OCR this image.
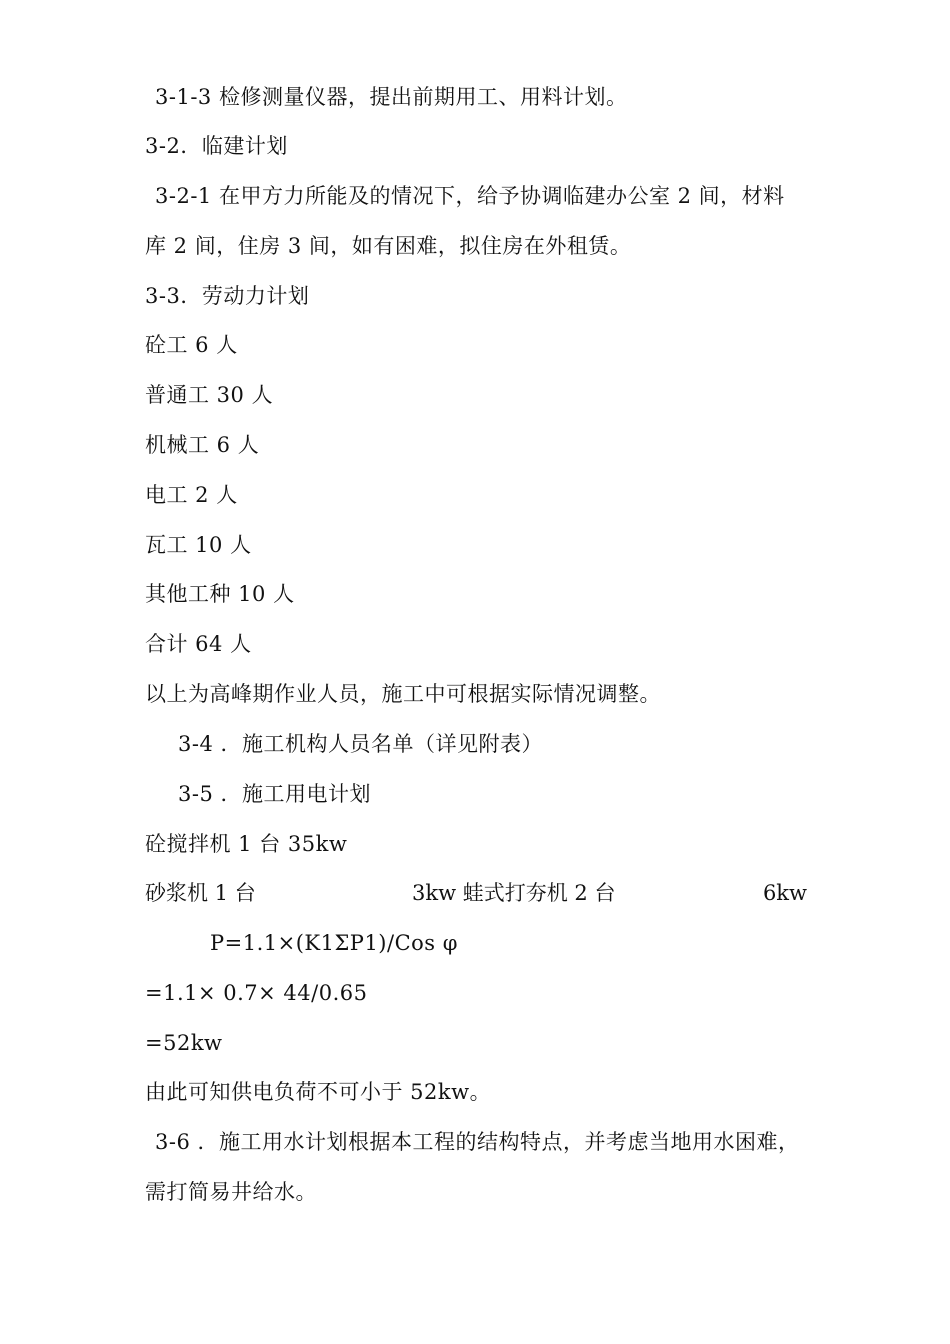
3-1-3 检修测量仪器，提出前期用工、用料计划。
3-2．临建计划
3-2-1 在甲方力所能及的情况下，给予协调临建办公室 2 间，材料
库 2 间，住房 3 间，如有困难，拟住房在外租赁。
3-3．劳动力计划
砼工 6 人
普通工 30 人
机械工 6 人
电工 2 人
瓦工 10 人
其他工种 10 人
合计 64 人
以上为高峰期作业人员，施工中可根据实际情况调整。
3-4 ．施工机构人员名单（详见附表）
3-5 ．施工用电计划
砼搅拌机 1 台 35kw
砂浆机 1 台	3kw 蛙式打夯机 2 台	6kw
P=1.1×(K1ΣP1)/Cos φ
=1.1× 0.7× 44/0.65
=52kw
由此可知供电负荷不可小于 52kw。
3-6 ．施工用水计划根据本工程的结构特点，并考虑当地用水困难，
需打简易井给水。
